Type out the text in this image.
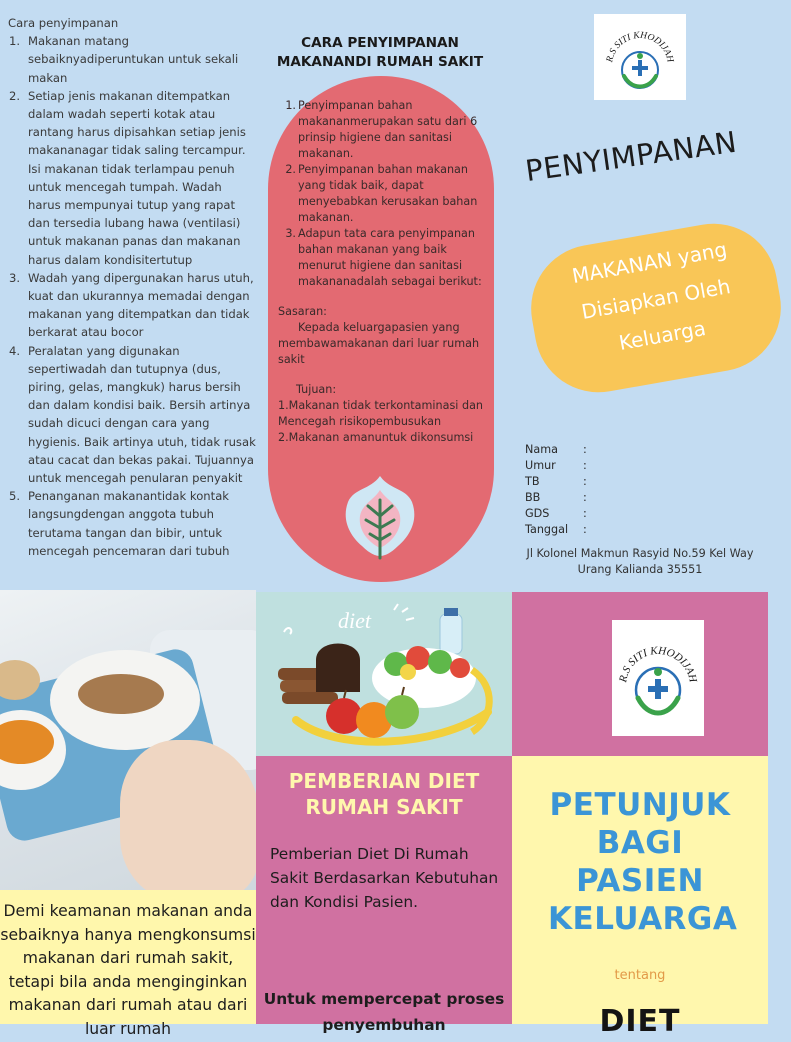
Cara penyimpanan
1. Makanan matang sebaiknyadiperuntukan untuk sekali makan
2. Setiap jenis makanan ditempatkan dalam wadah seperti kotak atau rantang harus dipisahkan setiap jenis makananagar tidak saling tercampur. Isi makanan tidak terlampau penuh untuk mencegah tumpah. Wadah harus mempunyai tutup yang rapat dan tersedia lubang hawa (ventilasi) untuk makanan panas dan makanan harus dalam kondisitertutup
3. Wadah yang dipergunakan harus utuh, kuat dan ukurannya memadai dengan makanan yang ditempatkan dan tidak berkarat atau bocor
4. Peralatan yang digunakan sepertiwadah dan tutupnya (dus, piring, gelas, mangkuk) harus bersih dan dalam kondisi baik. Bersih artinya sudah dicuci dengan cara yang hygienis. Baik artinya utuh, tidak rusak atau cacat dan bekas pakai. Tujuannya untuk mencegah penularan penyakit
5. Penanganan makanantidak kontak langsungdengan anggota tubuh terutama tangan dan bibir, untuk mencegah pencemaran dari tubuh
CARA PENYIMPANAN MAKANANDI RUMAH SAKIT
1. Penyimpanan bahan makananmerupakan satu dari 6 prinsip higiene dan sanitasi makanan.
2. Penyimpanan bahan makanan yang tidak baik, dapat menyebabkan kerusakan bahan makanan.
3. Adapun tata cara penyimpanan bahan makanan yang baik menurut higiene dan sanitasi makananadalah sebagai berikut:
Sasaran:
Kepada keluargapasien yang membawamakanan dari luar rumah sakit
Tujuan:
1.Makanan tidak terkontaminasi dan Mencegah risikopembusukan
2.Makanan amanuntuk dikonsumsi
R.S SITI KHODIJAH
PENYIMPANAN
MAKANAN yang
Disiapkan Oleh
Keluarga
Nama :
Umur :
TB	:
BB	:
GDS	:
Tanggal :
Jl Kolonel Makmun Rasyid No.59 Kel Way
Urang Kalianda 35551

Demi keamanan makanan anda sebaiknya hanya mengkonsumsi makanan dari rumah sakit, tetapi bila anda menginginkan makanan dari rumah atau dari luar rumah

diet
PEMBERIAN DIET RUMAH SAKIT
Pemberian Diet Di Rumah Sakit Berdasarkan Kebutuhan dan Kondisi Pasien.
Untuk mempercepat proses penyembuhan
R.S SITI KHODIJAH
PETUNJUK BAGI PASIEN KELUARGA
tentang
DIET
